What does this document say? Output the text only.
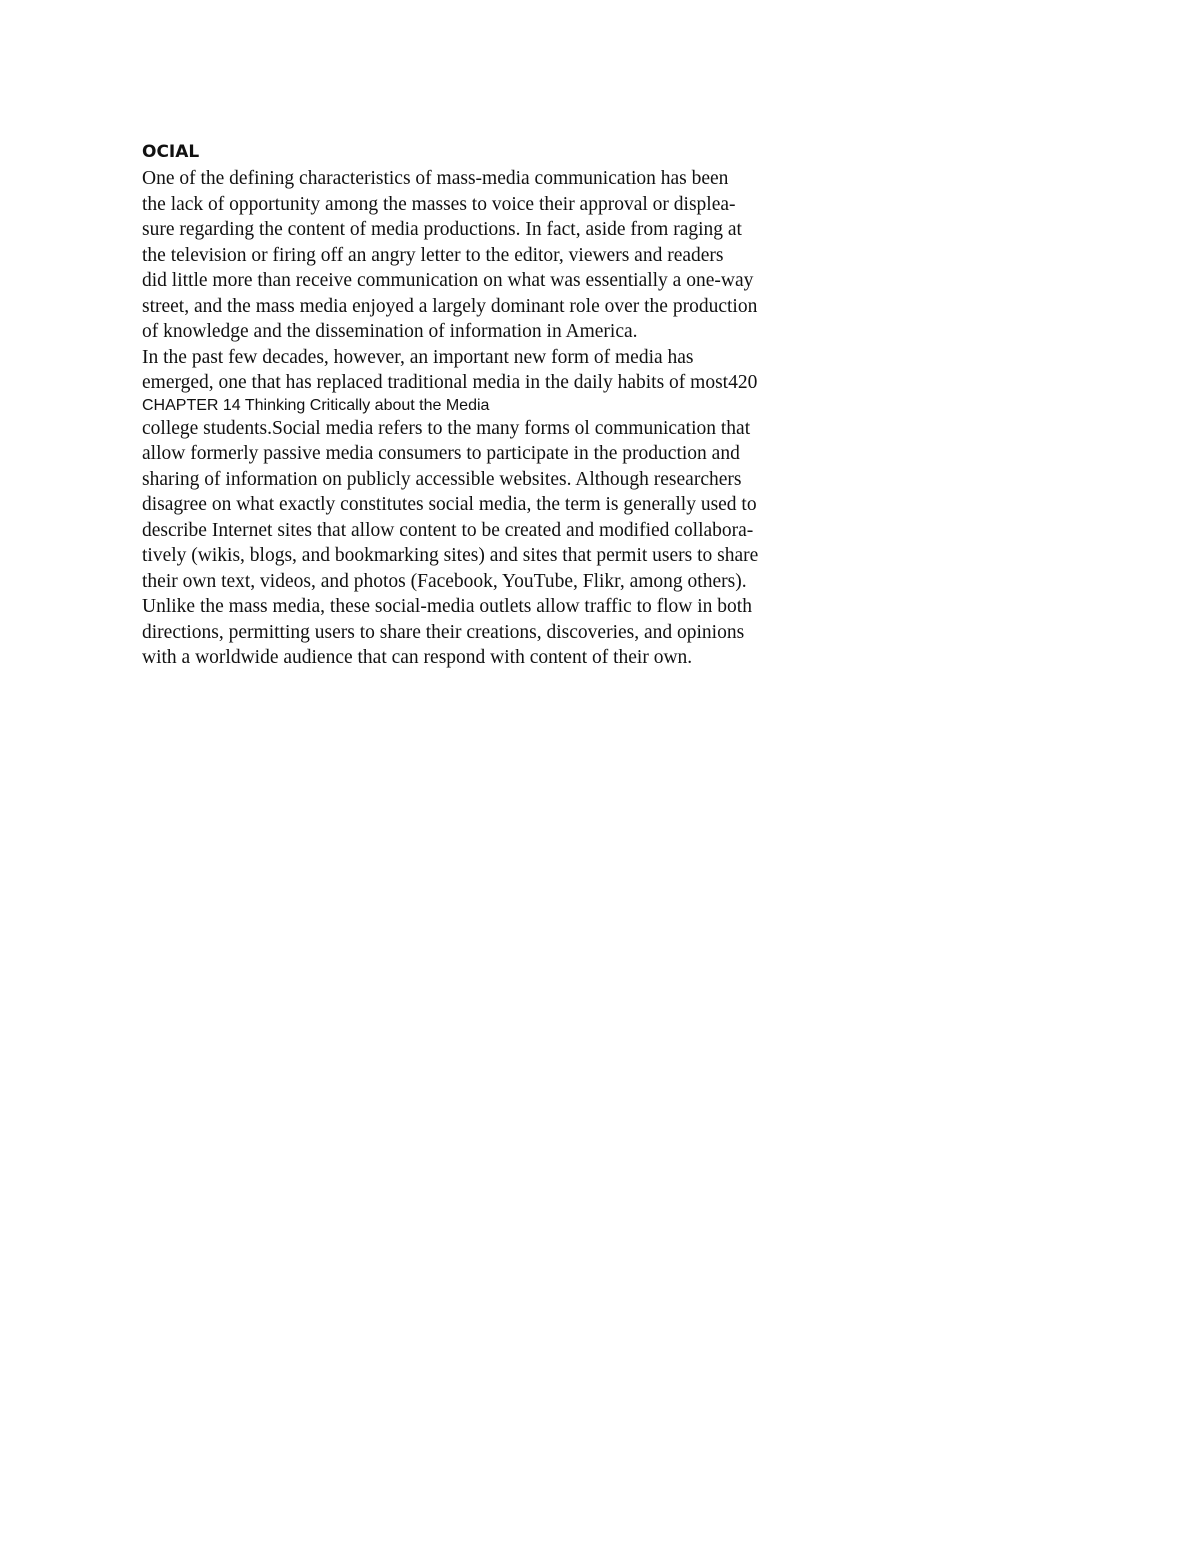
OCIAL
One of the defining characteristics of mass-media communication has been
the lack of opportunity among the masses to voice their approval or displea-
sure regarding the content of media productions. In fact, aside from raging at
the television or firing off an angry letter to the editor, viewers and readers
did little more than receive communication on what was essentially a one-way
street, and the mass media enjoyed a largely dominant role over the production
of knowledge and the dissemination of information in America.
In the past few decades, however, an important new form of media has
emerged, one that has replaced traditional media in the daily habits of most420
CHAPTER 14 Thinking Critically about the Media
college students.Social media refers to the many forms ol communication that
allow formerly passive media consumers to participate in the production and
sharing of information on publicly accessible websites. Although researchers
disagree on what exactly constitutes social media, the term is generally used to
describe Internet sites that allow content to be created and modified collabora-
tively (wikis, blogs, and bookmarking sites) and sites that permit users to share
their own text, videos, and photos (Facebook, YouTube, Flikr, among others).
Unlike the mass media, these social-media outlets allow traffic to flow in both
directions, permitting users to share their creations, discoveries, and opinions
with a worldwide audience that can respond with content of their own.
